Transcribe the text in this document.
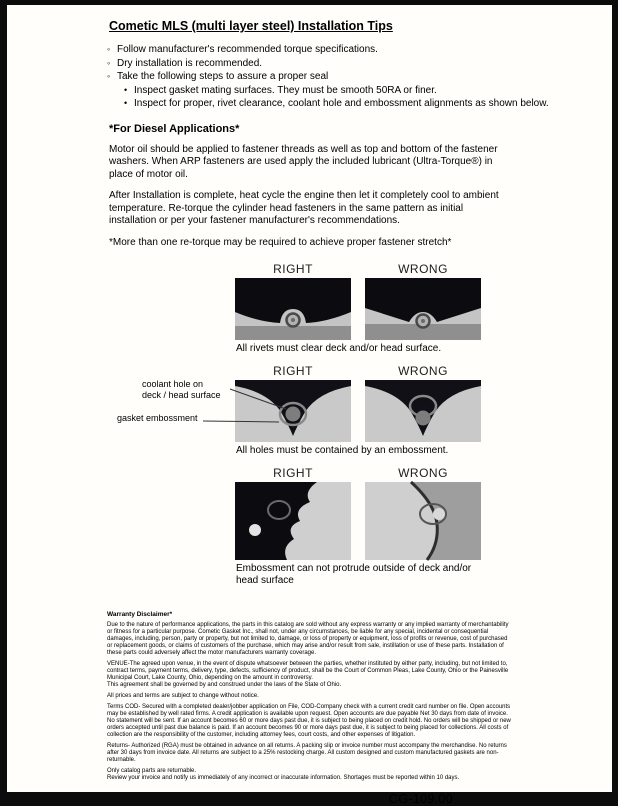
Cometic MLS (multi layer steel) Installation Tips
◦ Follow manufacturer's recommended torque specifications.
◦ Dry installation is recommended.
◦ Take the following steps to assure a proper seal
• Inspect gasket mating surfaces. They must be smooth 50RA or finer.
• Inspect for proper, rivet clearance, coolant hole and embossment alignments as shown below.
*For Diesel Applications*

Motor oil should be applied to fastener threads as well as top and bottom of the fastener washers. When ARP fasteners are used apply the included lubricant (Ultra-Torque®) in place of motor oil.

After Installation is complete, heat cycle the engine then let it completely cool to ambient temperature. Re-torque the cylinder head fasteners in the same pattern as initial installation or per your fastener manufacturer's recommendations.

*More than one re-torque may be required to achieve proper fastener stretch*

RIGHT	WRONG
All rivets must clear deck and/or head surface.
RIGHT	WRONG
coolant hole on
deck / head surface
gasket embossment
All holes must be contained by an embossment.
RIGHT	WRONG
Embossment can not protrude outside of deck and/or head surface
Warranty Disclaimer*

Due to the nature of performance applications, the parts in this catalog are sold without any express warranty or any implied warranty of merchantability or fitness for a particular purpose. Cometic Gasket Inc., shall not, under any circumstances, be liable for any special, incidental or consequential damages, including, person, party or property, but not limited to, damage, or loss of property or equipment, loss of profits or revenue, cost of purchased or replacement goods, or claims of customers of the purchase, which may arise and/or result from sale, instillation or use of these parts. Installation of these parts could adversely affect the motor manufacturers warranty coverage.

VENUE-The agreed upon venue, in the event of dispute whatsoever between the parties, whether instituted by either party, including, but not limited to, contract terms, payment terms, delivery, type, defects, sufficiency of product, shall be the Court of Common Pleas, Lake County, Ohio or the Painesville Municipal Court, Lake County, Ohio, depending on the amount in controversy.

This agreement shall be governed by and construed under the laws of the State of Ohio.

All prices and terms are subject to change without notice.

Terms COD- Secured with a completed dealer/jobber application on File, COD-Company check with a current credit card number on file. Open accounts may be established by well rated firms. A credit application is available upon request. Open accounts are due payable Net 30 days from date of invoice. No statement will be sent. If an account becomes 60 or more days past due, it is subject to being placed on credit hold. No orders will be shipped or new orders accepted until past due balance is paid. If an account becomes 90 or more days past due, it is subject to being placed for collections. All costs of collection are the responsibility of the customer, including attorney fees, court costs, and other expenses of litigation.

Returns- Authorized (RGA) must be obtained in advance on all returns. A packing slip or invoice number must accompany the merchandise. No returns after 30 days from invoice date. All returns are subject to a 25% restocking charge. All custom designed and custom manufactured gaskets are non-returnable.

Only catalog parts are returnable.

Review your invoice and notify us immediately of any incorrect or inaccurate information. Shortages must be reported within 10 days.

CG-109.00
